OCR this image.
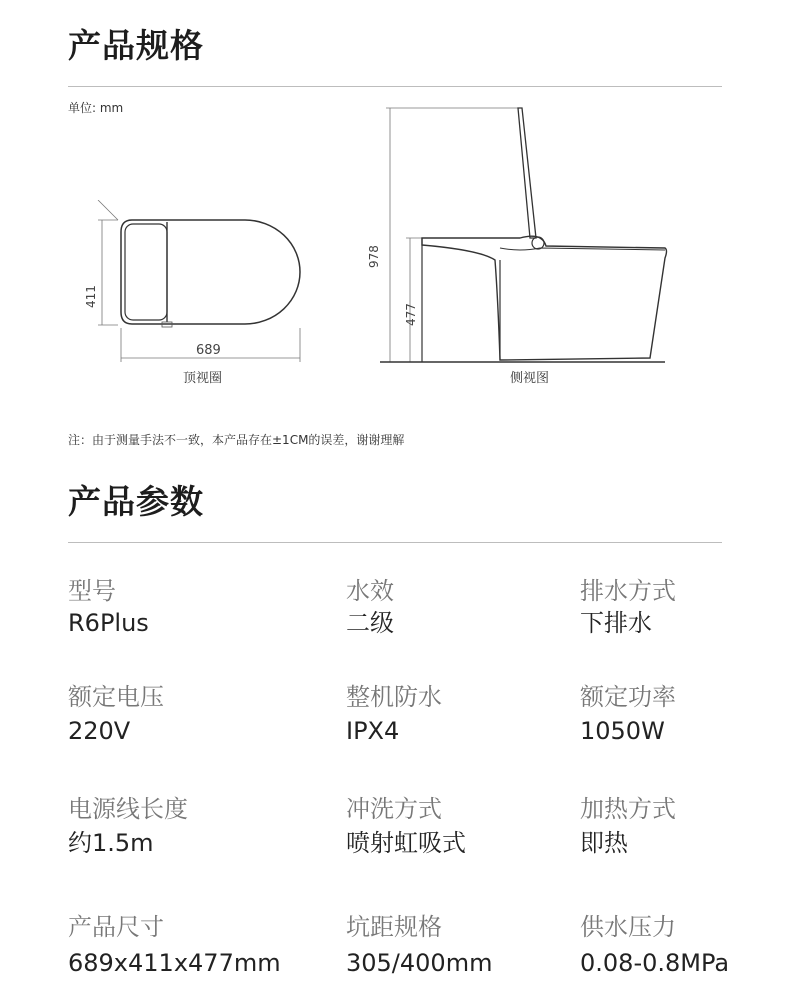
产品规格
单位: mm
411
689
顶视圈
978
477
侧视图
注：由于测量手法不一致，本产品存在±1CM的误差，谢谢理解
产品参数
型号
R6Plus
水效
二级
排水方式
下排水
额定电压
220V
整机防水
IPX4
额定功率
1050W
电源线长度
约1.5m
冲洗方式
喷射虹吸式
加热方式
即热
产品尺寸
689x411x477mm
坑距规格
305/400mm
供水压力
0.08-0.8MPa
